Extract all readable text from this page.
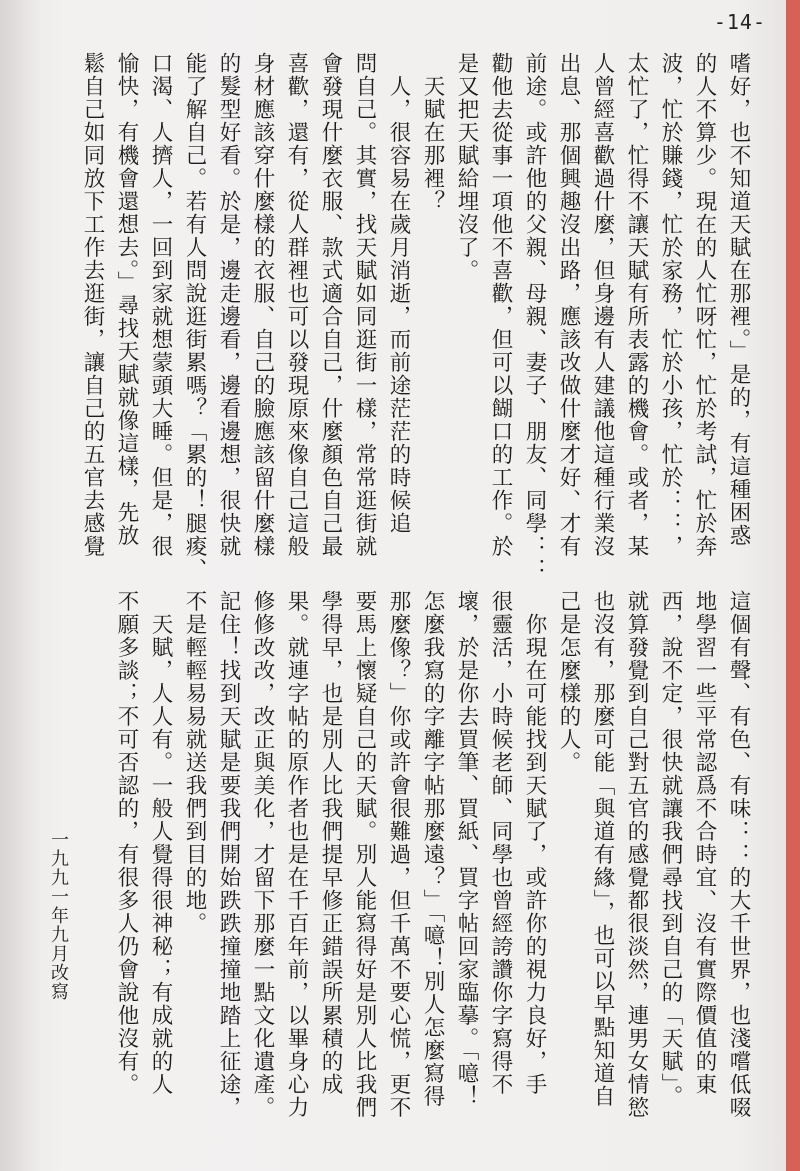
-14-
嗜好，也不知道天賦在那裡。」是的，有這種困惑
的人不算少。現在的人忙呀忙，忙於考試，忙於奔
波，忙於賺錢，忙於家務，忙於小孩，忙於：：，
太忙了，忙得不讓天賦有所表露的機會。或者，某
人曾經喜歡過什麼，但身邊有人建議他這種行業沒
出息、那個興趣沒出路，應該改做什麼才好、才有
前途。或許他的父親、母親、妻子、朋友、同學：：
勸他去從事一項他不喜歡，但可以餬口的工作。於
是又把天賦給埋沒了。
　天賦在那裡？
　人，很容易在歲月消逝，而前途茫茫的時候追
問自己。其實，找天賦如同逛街一樣，常常逛街就
會發現什麼衣服、款式適合自己，什麼顏色自己最
喜歡，還有，從人群裡也可以發現原來像自己這般
身材應該穿什麼樣的衣服、自己的臉應該留什麼樣
的髮型好看。於是，邊走邊看，邊看邊想，很快就
能了解自己。若有人問說逛街累嗎？「累的！腿痠、
口渴、人擠人，一回到家就想蒙頭大睡。但是，很
愉快，有機會還想去。」尋找天賦就像這樣，先放
鬆自己如同放下工作去逛街，讓自己的五官去感覺
這個有聲、有色、有味：：的大千世界，也淺嚐低啜
地學習一些平常認爲不合時宜、沒有實際價值的東
西，說不定，很快就讓我們尋找到自己的「天賦」。
就算發覺到自己對五官的感覺都很淡然，連男女情慾
也沒有，那麼可能「與道有緣」，也可以早點知道自
己是怎麼樣的人。
　你現在可能找到天賦了，或許你的視力良好，手
很靈活，小時候老師、同學也曾經誇讚你字寫得不
壞，於是你去買筆、買紙、買字帖回家臨摹。「噫！
怎麼我寫的字離字帖那麼遠？」「噫！別人怎麼寫得
那麼像？」你或許會很難過，但千萬不要心慌，更不
要馬上懷疑自己的天賦。別人能寫得好是別人比我們
學得早，也是別人比我們提早修正錯誤所累積的成
果。就連字帖的原作者也是在千百年前，以畢身心力
修修改改，改正與美化，才留下那麼一點文化遺產。
記住！找到天賦是要我們開始跌跌撞撞地踏上征途，
不是輕輕易易就送我們到目的地。
　天賦，人人有。一般人覺得很神秘；有成就的人
不願多談；不可否認的，有很多人仍會說他沒有。

一九九一年九月改寫
